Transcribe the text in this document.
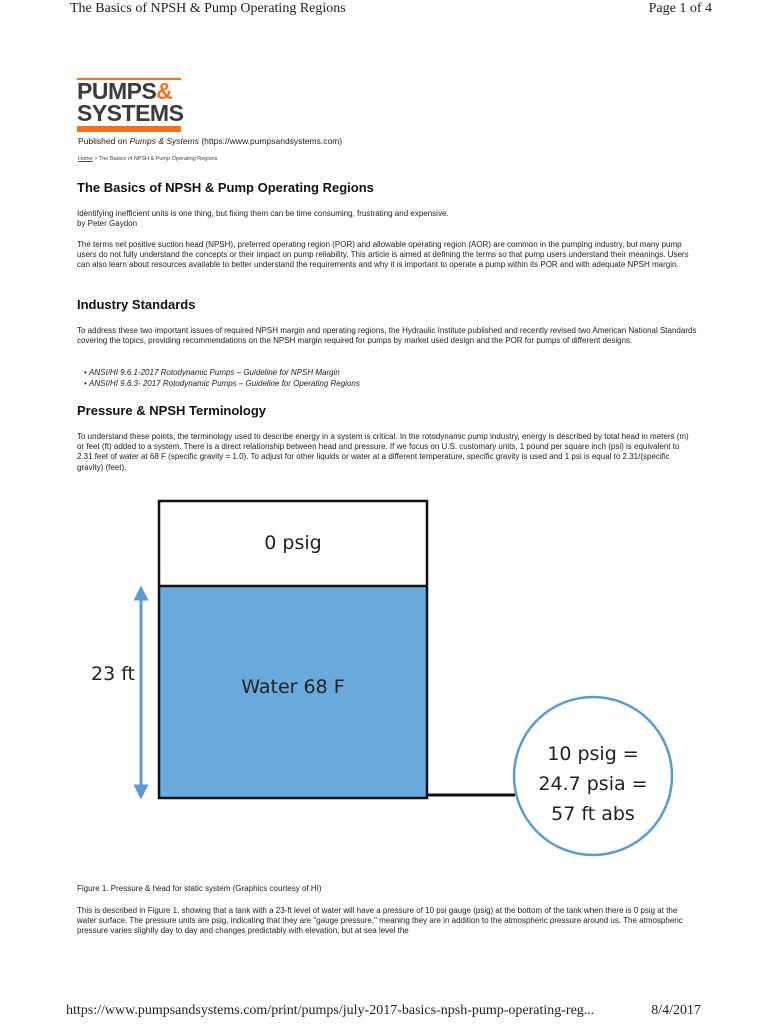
The Basics of NPSH & Pump Operating Regions	Page 1 of 4
PUMPS&
SYSTEMS
Published on Pumps & Systems (https://www.pumpsandsystems.com)
Home > The Basics of NPSH & Pump Operating Regions
The Basics of NPSH & Pump Operating Regions

Identifying inefficient units is one thing, but fixing them can be time consuming, frustrating and expensive.
by Peter Gaydon

The terms net positive suction head (NPSH), preferred operating region (POR) and allowable operating region (AOR) are common in the pumping industry, but many pump users do not fully understand the concepts or their impact on pump reliability. This article is aimed at defining the terms so that pump users understand their meanings. Users can also learn about resources available to better understand the requirements and why it is important to operate a pump within its POR and with adequate NPSH margin.

Industry Standards

To address these two important issues of required NPSH margin and operating regions, the Hydraulic Institute published and recently revised two American National Standards covering the topics, providing recommendations on the NPSH margin required for pumps by market used design and the POR for pumps of different designs.

• ANSI/HI 9.6.1-2017 Rotodynamic Pumps – Guideline for NPSH Margin
• ANSI/HI 9.6.3- 2017 Rotodynamic Pumps – Guideline for Operating Regions
Pressure & NPSH Terminology

To understand these points, the terminology used to describe energy in a system is critical. In the rotodynamic pump industry, energy is described by total head in meters (m) or feet (ft) added to a system. There is a direct relationship between head and pressure. If we focus on U.S. customary units, 1 pound per square inch (psi) is equivalent to 2.31 feet of water at 68 F (specific gravity = 1.0). To adjust for other liquids or water at a different temperature, specific gravity is used and 1 psi is equal to 2.31/(specific gravity) (feet).

0 psig
Water 68 F
23 ft
10 psig =
24.7 psia =
57 ft abs
Figure 1. Pressure & head for static system (Graphics courtesy of HI)

This is described in Figure 1, showing that a tank with a 23-ft level of water will have a pressure of 10 psi gauge (psig) at the bottom of the tank when there is 0 psig at the water surface. The pressure units are psig, indicating that they are "gauge pressure," meaning they are in addition to the atmospheric pressure around us. The atmospheric pressure varies slightly day to day and changes predictably with elevation, but at sea level the

https://www.pumpsandsystems.com/print/pumps/july-2017-basics-npsh-pump-operating-reg...	8/4/2017
